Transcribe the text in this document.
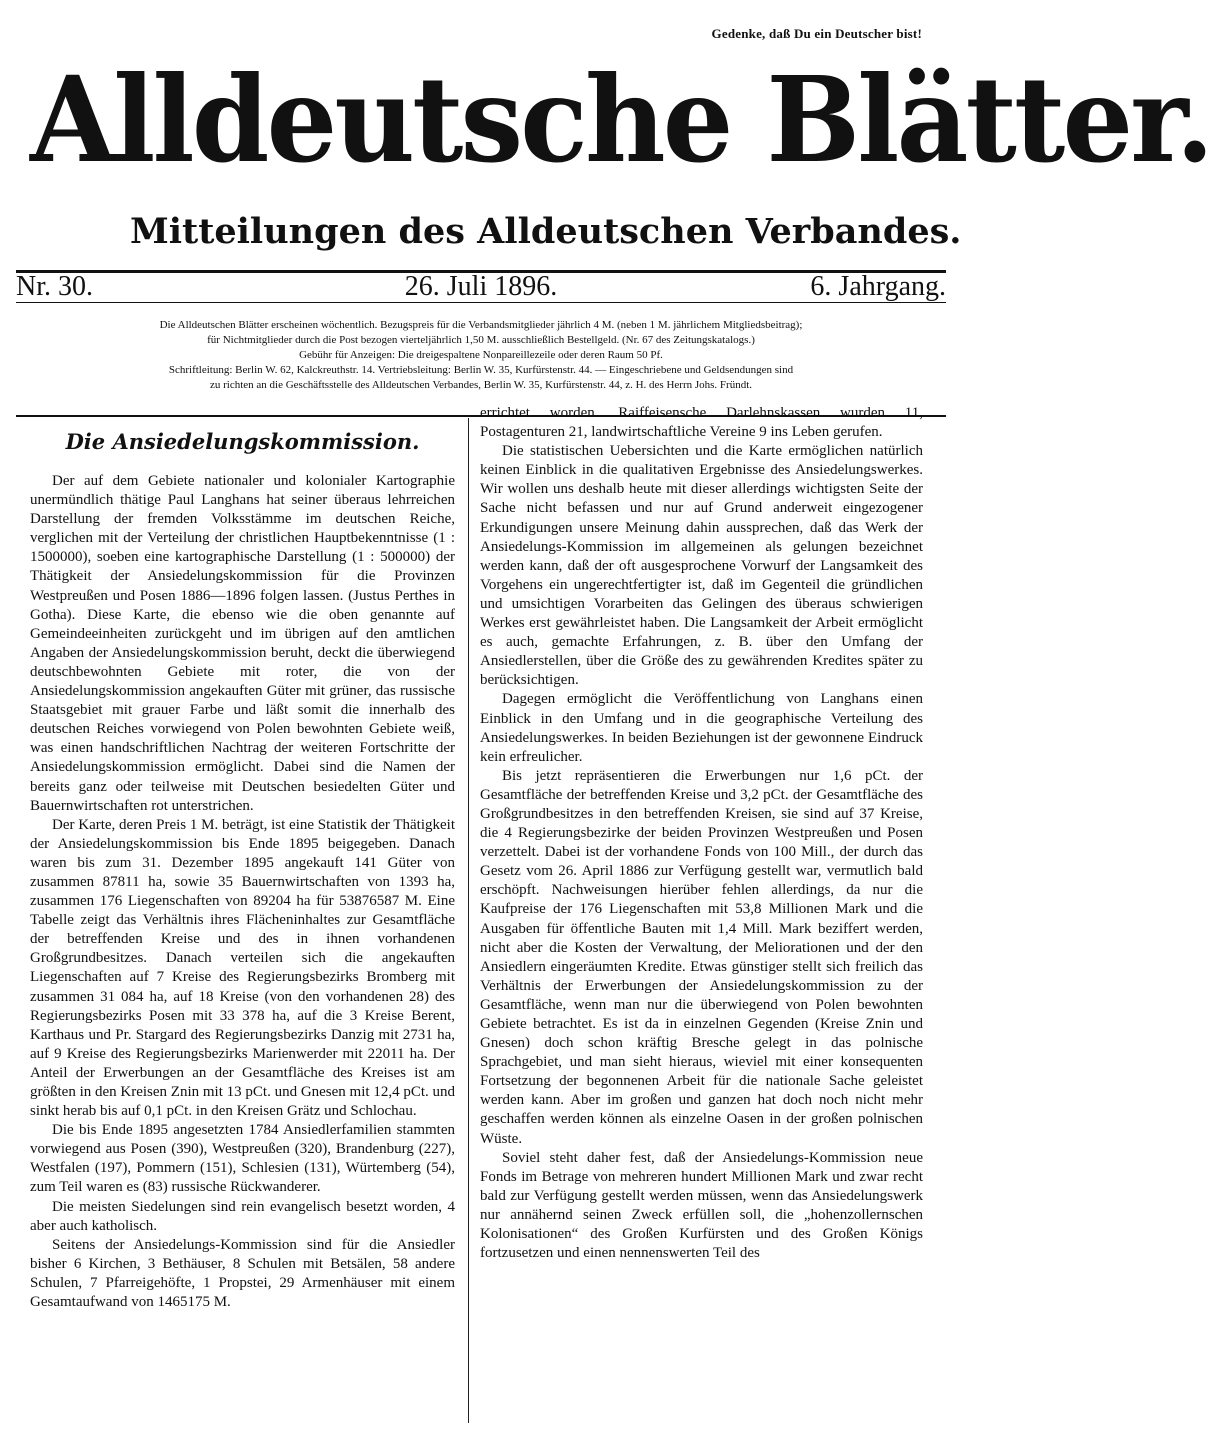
Gedenke, daß Du ein Deutscher bist!
Alldeutsche Blätter.
Mitteilungen des Alldeutschen Verbandes.
Nr. 30.	26. Juli 1896.	6. Jahrgang.

Die Alldeutschen Blätter erscheinen wöchentlich. Bezugspreis für die Verbandsmitglieder jährlich 4 M. (neben 1 M. jährlichem Mitgliedsbeitrag);

für Nichtmitglieder durch die Post bezogen vierteljährlich 1,50 M. ausschließlich Bestellgeld. (Nr. 67 des Zeitungskatalogs.)

Gebühr für Anzeigen: Die dreigespaltene Nonpareillezeile oder deren Raum 50 Pf.

Schriftleitung: Berlin W. 62, Kalckreuthstr. 14. Vertriebsleitung: Berlin W. 35, Kurfürstenstr. 44. — Eingeschriebene und Geldsendungen sind

zu richten an die Geschäftsstelle des Alldeutschen Verbandes, Berlin W. 35, Kurfürstenstr. 44, z. H. des Herrn Johs. Fründt.

Die Ansiedelungskommission.

Der auf dem Gebiete nationaler und kolonialer Kartographie unermündlich thätige Paul Langhans hat seiner überaus lehrreichen Darstellung der fremden Volksstämme im deutschen Reiche, verglichen mit der Verteilung der christlichen Hauptbekenntnisse (1 : 1500000), soeben eine kartographische Darstellung (1 : 500000) der Thätigkeit der Ansiedelungskommission für die Provinzen Westpreußen und Posen 1886—1896 folgen lassen. (Justus Perthes in Gotha). Diese Karte, die ebenso wie die oben genannte auf Gemeindeeinheiten zurückgeht und im übrigen auf den amtlichen Angaben der Ansiedelungskommission beruht, deckt die überwiegend deutschbewohnten Gebiete mit roter, die von der Ansiedelungskommission angekauften Güter mit grüner, das russische Staatsgebiet mit grauer Farbe und läßt somit die innerhalb des deutschen Reiches vorwiegend von Polen bewohnten Gebiete weiß, was einen handschriftlichen Nachtrag der weiteren Fortschritte der Ansiedelungskommission ermöglicht. Dabei sind die Namen der bereits ganz oder teilweise mit Deutschen besiedelten Güter und Bauernwirtschaften rot unterstrichen.

Der Karte, deren Preis 1 M. beträgt, ist eine Statistik der Thätigkeit der Ansiedelungskommission bis Ende 1895 beigegeben. Danach waren bis zum 31. Dezember 1895 angekauft 141 Güter von zusammen 87811 ha, sowie 35 Bauernwirtschaften von 1393 ha, zusammen 176 Liegenschaften von 89204 ha für 53876587 M. Eine Tabelle zeigt das Verhältnis ihres Flächeninhaltes zur Gesamtfläche der betreffenden Kreise und des in ihnen vorhandenen Großgrundbesitzes. Danach verteilen sich die angekauften Liegenschaften auf 7 Kreise des Regierungsbezirks Bromberg mit zusammen 31 084 ha, auf 18 Kreise (von den vorhandenen 28) des Regierungsbezirks Posen mit 33 378 ha, auf die 3 Kreise Berent, Karthaus und Pr. Stargard des Regierungsbezirks Danzig mit 2731 ha, auf 9 Kreise des Regierungsbezirks Marienwerder mit 22011 ha. Der Anteil der Erwerbungen an der Gesamtfläche des Kreises ist am größten in den Kreisen Znin mit 13 pCt. und Gnesen mit 12,4 pCt. und sinkt herab bis auf 0,1 pCt. in den Kreisen Grätz und Schlochau.

Die bis Ende 1895 angesetzten 1784 Ansiedlerfamilien stammten vorwiegend aus Posen (390), Westpreußen (320), Brandenburg (227), Westfalen (197), Pommern (151), Schlesien (131), Würtemberg (54), zum Teil waren es (83) russische Rückwanderer.

Die meisten Siedelungen sind rein evangelisch besetzt worden, 4 aber auch katholisch.

Seitens der Ansiedelungs-Kommission sind für die Ansiedler bisher 6 Kirchen, 3 Bethäuser, 8 Schulen mit Betsälen, 58 andere Schulen, 7 Pfarreigehöfte, 1 Propstei, 29 Armenhäuser mit einem Gesamtaufwand von 1465175 M.

errichtet worden. Raiffeisensche Darlehnskassen wurden 11, Postagenturen 21, landwirtschaftliche Vereine 9 ins Leben gerufen.

Die statistischen Uebersichten und die Karte ermöglichen natürlich keinen Einblick in die qualitativen Ergebnisse des Ansiedelungswerkes. Wir wollen uns deshalb heute mit dieser allerdings wichtigsten Seite der Sache nicht befassen und nur auf Grund anderweit eingezogener Erkundigungen unsere Meinung dahin aussprechen, daß das Werk der Ansiedelungs-Kommission im allgemeinen als gelungen bezeichnet werden kann, daß der oft ausgesprochene Vorwurf der Langsamkeit des Vorgehens ein ungerechtfertigter ist, daß im Gegenteil die gründlichen und umsichtigen Vorarbeiten das Gelingen des überaus schwierigen Werkes erst gewährleistet haben. Die Langsamkeit der Arbeit ermöglicht es auch, gemachte Erfahrungen, z. B. über den Umfang der Ansiedlerstellen, über die Größe des zu gewährenden Kredites später zu berücksichtigen.

Dagegen ermöglicht die Veröffentlichung von Langhans einen Einblick in den Umfang und in die geographische Verteilung des Ansiedelungswerkes. In beiden Beziehungen ist der gewonnene Eindruck kein erfreulicher.

Bis jetzt repräsentieren die Erwerbungen nur 1,6 pCt. der Gesamtfläche der betreffenden Kreise und 3,2 pCt. der Gesamtfläche des Großgrundbesitzes in den betreffenden Kreisen, sie sind auf 37 Kreise, die 4 Regierungsbezirke der beiden Provinzen Westpreußen und Posen verzettelt. Dabei ist der vorhandene Fonds von 100 Mill., der durch das Gesetz vom 26. April 1886 zur Verfügung gestellt war, vermutlich bald erschöpft. Nachweisungen hierüber fehlen allerdings, da nur die Kaufpreise der 176 Liegenschaften mit 53,8 Millionen Mark und die Ausgaben für öffentliche Bauten mit 1,4 Mill. Mark beziffert werden, nicht aber die Kosten der Verwaltung, der Meliorationen und der den Ansiedlern eingeräumten Kredite. Etwas günstiger stellt sich freilich das Verhältnis der Erwerbungen der Ansiedelungskommission zu der Gesamtfläche, wenn man nur die überwiegend von Polen bewohnten Gebiete betrachtet. Es ist da in einzelnen Gegenden (Kreise Znin und Gnesen) doch schon kräftig Bresche gelegt in das polnische Sprachgebiet, und man sieht hieraus, wieviel mit einer konsequenten Fortsetzung der begonnenen Arbeit für die nationale Sache geleistet werden kann. Aber im großen und ganzen hat doch noch nicht mehr geschaffen werden können als einzelne Oasen in der großen polnischen Wüste.

Soviel steht daher fest, daß der Ansiedelungs-Kommission neue Fonds im Betrage von mehreren hundert Millionen Mark und zwar recht bald zur Verfügung gestellt werden müssen, wenn das Ansiedelungswerk nur annähernd seinen Zweck erfüllen soll, die „hohenzollernschen Kolonisationen“ des Großen Kurfürsten und des Großen Königs fortzusetzen und einen nennenswerten Teil des
